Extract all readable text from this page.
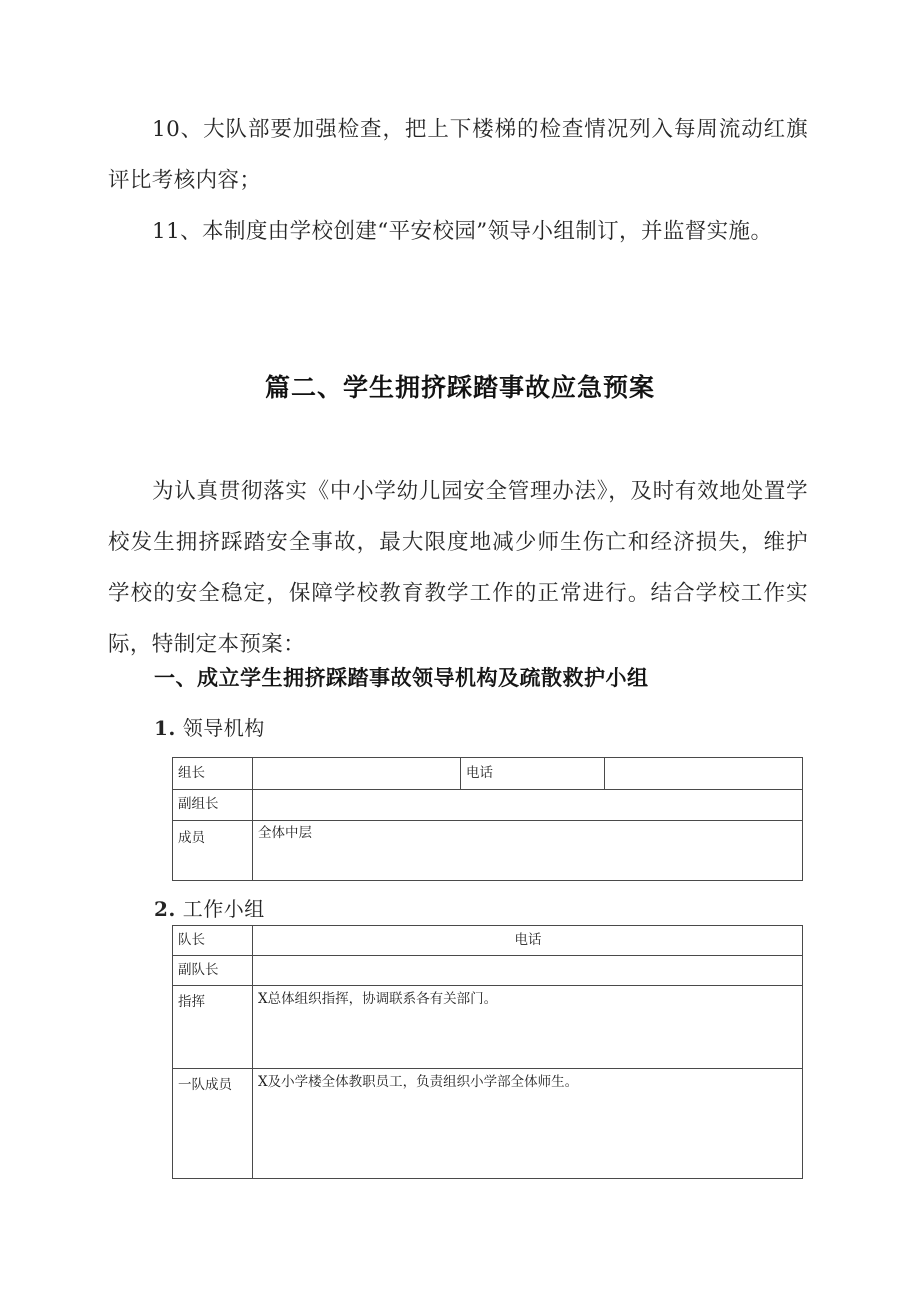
10、大队部要加强检查，把上下楼梯的检查情况列入每周流动红旗评比考核内容；

11、本制度由学校创建“平安校园”领导小组制订，并监督实施。

篇二、学生拥挤踩踏事故应急预案

为认真贯彻落实《中小学幼儿园安全管理办法》，及时有效地处置学校发生拥挤踩踏安全事故，最大限度地减少师生伤亡和经济损失，维护学校的安全稳定，保障学校教育教学工作的正常进行。结合学校工作实际，特制定本预案：

一、成立学生拥挤踩踏事故领导机构及疏散救护小组
1. 领导机构
组长		电话	
副组长			
成员	全体中层		
2. 工作小组
队长	电话
副队长	
指挥	X总体组织指挥，协调联系各有关部门。
一队成员	X及小学楼全体教职员工，负责组织小学部全体师生。
